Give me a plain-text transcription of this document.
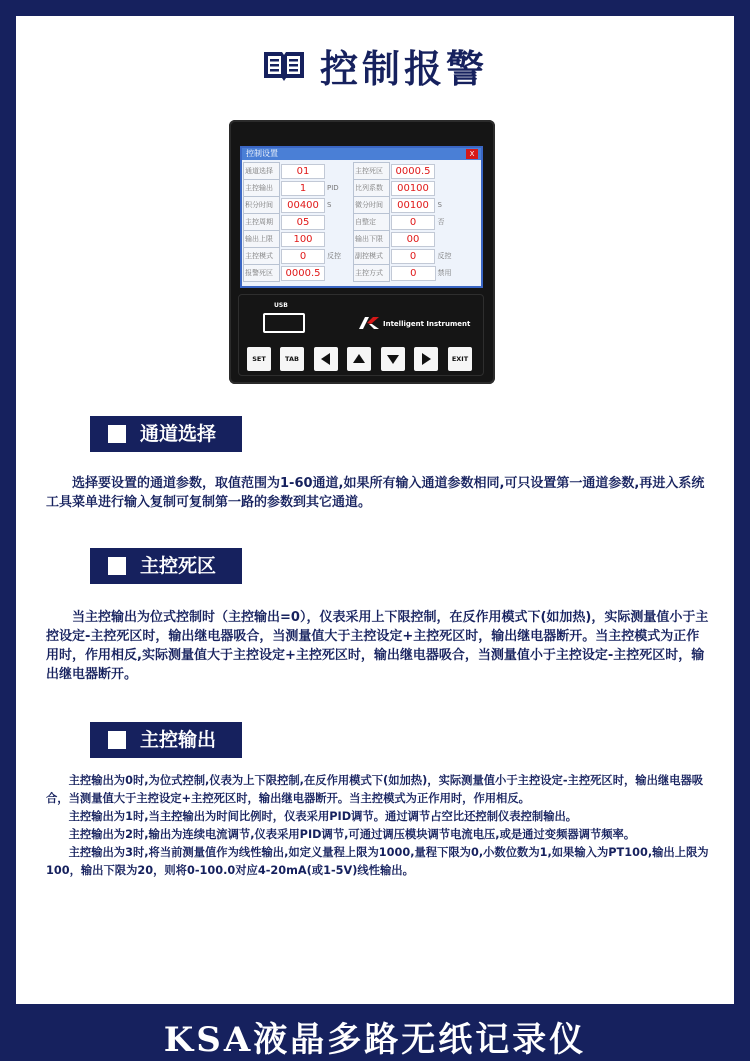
控制报警
控制设置	X
通道选择	01		主控死区	0000.5	

主控输出	1	PID	比列系数	00100	

积分时间	00400	S	微分时间	00100	S
主控周期	05		自整定	0	否
输出上限	100		输出下限	00	

主控模式	0	反控	副控模式	0	反控
报警死区	0000.5		主控方式	0	禁用
USB
Intelligent Instrument
SET	TAB	EXIT
通道选择

选择要设置的通道参数，取值范围为1-60通道,如果所有输入通道参数相同,可只设置第一通道参数,再进入系统工具菜单进行输入复制可复制第一路的参数到其它通道。

主控死区

当主控输出为位式控制时（主控输出=0），仪表采用上下限控制，在反作用模式下(如加热)，实际测量值小于主控设定-主控死区时，输出继电器吸合，当测量值大于主控设定+主控死区时，输出继电器断开。当主控模式为正作用时，作用相反,实际测量值大于主控设定+主控死区时，输出继电器吸合，当测量值小于主控设定-主控死区时，输出继电器断开。

主控输出

主控输出为0时,为位式控制,仪表为上下限控制,在反作用模式下(如加热)，实际测量值小于主控设定-主控死区时，输出继电器吸合，当测量值大于主控设定+主控死区时，输出继电器断开。当主控模式为正作用时，作用相反。

主控输出为1时,当主控输出为时间比例时，仪表采用PID调节。通过调节占空比还控制仪表控制输出。

主控输出为2时,输出为连续电流调节,仪表采用PID调节,可通过调压模块调节电流电压,或是通过变频器调节频率。

主控输出为3时,将当前测量值作为线性输出,如定义量程上限为1000,量程下限为0,小数位数为1,如果输入为PT100,输出上限为100，输出下限为20，则将0-100.0对应4-20mA(或1-5V)线性输出。

KSA液晶多路无纸记录仪
